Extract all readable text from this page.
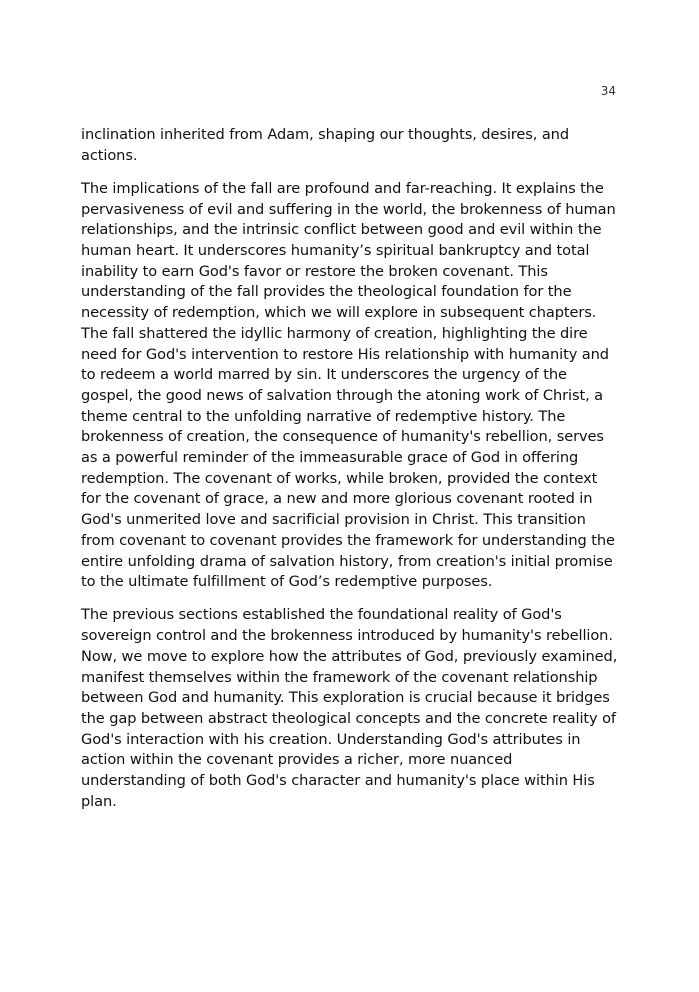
34

inclination inherited from Adam, shaping our thoughts, desires, and actions.

The implications of the fall are profound and far-reaching. It explains the pervasiveness of evil and suffering in the world, the brokenness of human relationships, and the intrinsic conflict between good and evil within the human heart. It underscores humanity’s spiritual bankruptcy and total inability to earn God's favor or restore the broken covenant. This understanding of the fall provides the theological foundation for the necessity of redemption, which we will explore in subsequent chapters. The fall shattered the idyllic harmony of creation, highlighting the dire need for God's intervention to restore His relationship with humanity and to redeem a world marred by sin. It underscores the urgency of the gospel, the good news of salvation through the atoning work of Christ, a theme central to the unfolding narrative of redemptive history. The brokenness of creation, the consequence of humanity's rebellion, serves as a powerful reminder of the immeasurable grace of God in offering redemption. The covenant of works, while broken, provided the context for the covenant of grace, a new and more glorious covenant rooted in God's unmerited love and sacrificial provision in Christ. This transition from covenant to covenant provides the framework for understanding the entire unfolding drama of salvation history, from creation's initial promise to the ultimate fulfillment of God’s redemptive purposes.

The previous sections established the foundational reality of God's sovereign control and the brokenness introduced by humanity's rebellion. Now, we move to explore how the attributes of God, previously examined, manifest themselves within the framework of the covenant relationship between God and humanity. This exploration is crucial because it bridges the gap between abstract theological concepts and the concrete reality of God's interaction with his creation. Understanding God's attributes in action within the covenant provides a richer, more nuanced understanding of both God's character and humanity's place within His plan.
